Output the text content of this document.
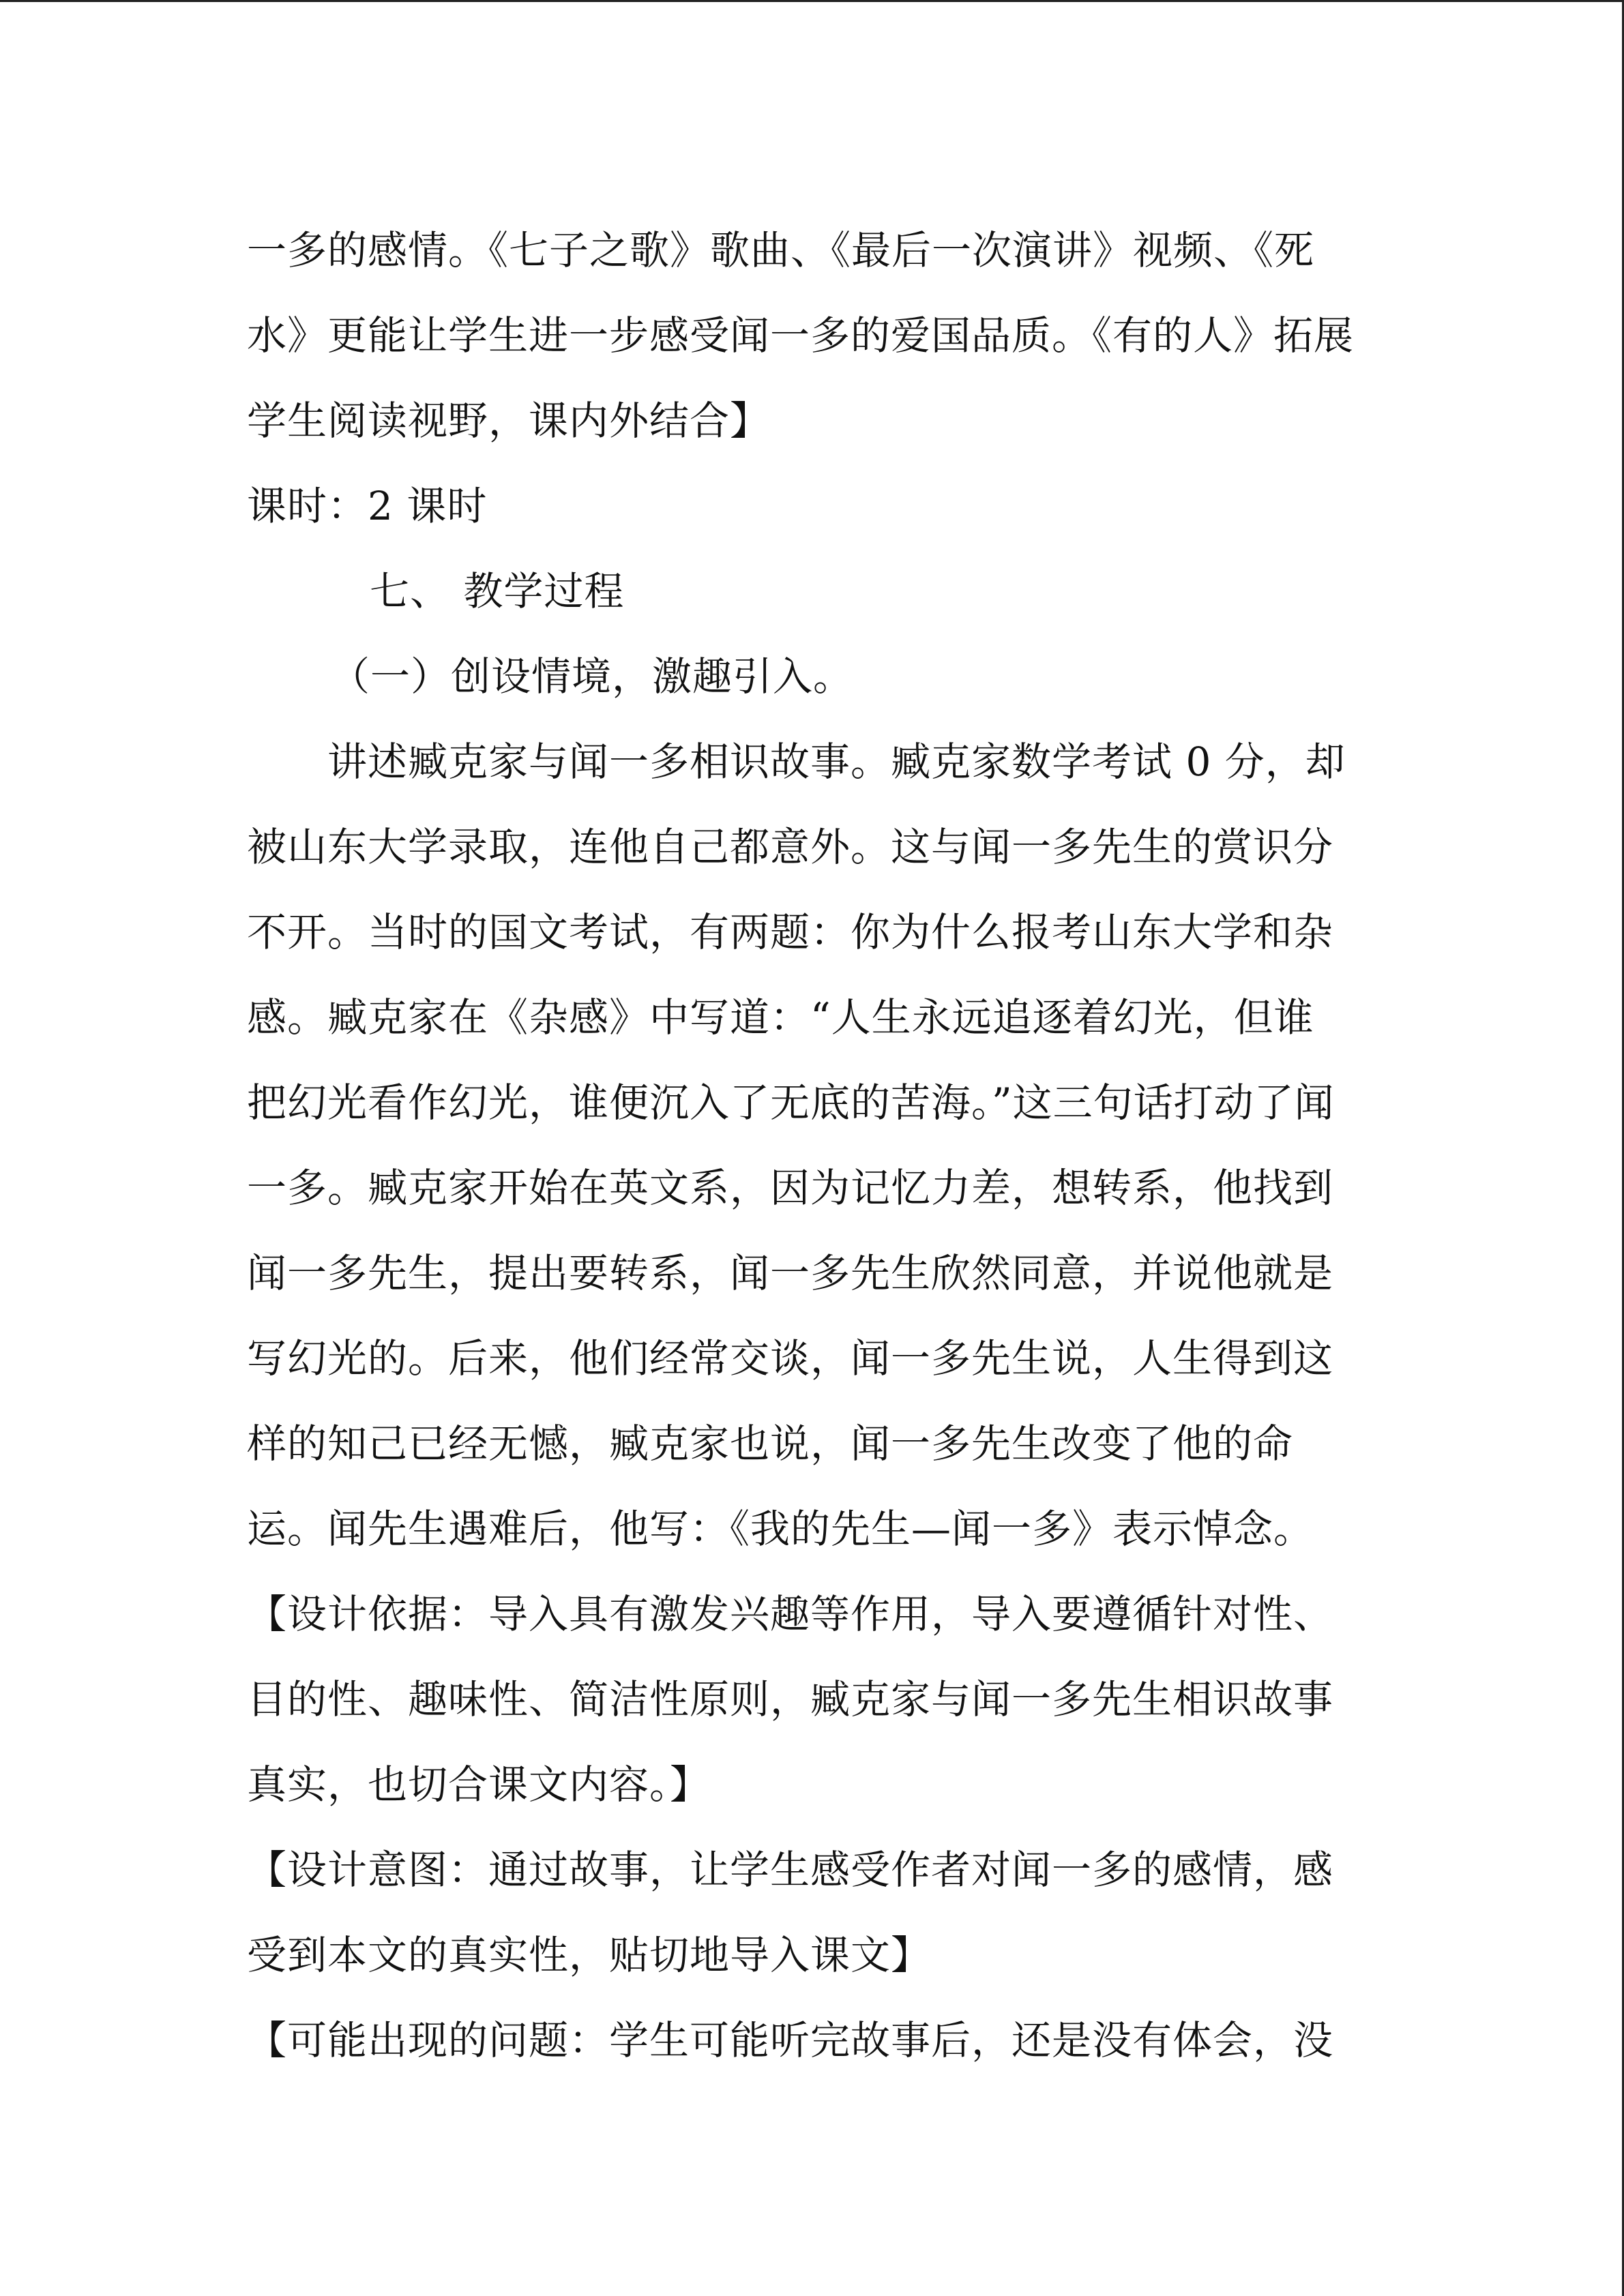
一多的感情。《七子之歌》歌曲、《最后一次演讲》视频、《死
水》更能让学生进一步感受闻一多的爱国品质。《有的人》拓展
学生阅读视野，课内外结合】
课时：2 课时
七、 教学过程
（一）创设情境，激趣引入。
讲述臧克家与闻一多相识故事。臧克家数学考试 0 分，却
被山东大学录取，连他自己都意外。这与闻一多先生的赏识分
不开。当时的国文考试，有两题：你为什么报考山东大学和杂
感。臧克家在《杂感》中写道：“人生永远追逐着幻光，但谁
把幻光看作幻光，谁便沉入了无底的苦海。”这三句话打动了闻
一多。臧克家开始在英文系，因为记忆力差，想转系，他找到
闻一多先生，提出要转系，闻一多先生欣然同意，并说他就是
写幻光的。后来，他们经常交谈，闻一多先生说，人生得到这
样的知己已经无憾，臧克家也说，闻一多先生改变了他的命
运。闻先生遇难后，他写：《我的先生—闻一多》表示悼念。
【设计依据：导入具有激发兴趣等作用，导入要遵循针对性、
目的性、趣味性、简洁性原则，臧克家与闻一多先生相识故事
真实，也切合课文内容。】
【设计意图：通过故事，让学生感受作者对闻一多的感情，感
受到本文的真实性，贴切地导入课文】
【可能出现的问题：学生可能听完故事后，还是没有体会，没
